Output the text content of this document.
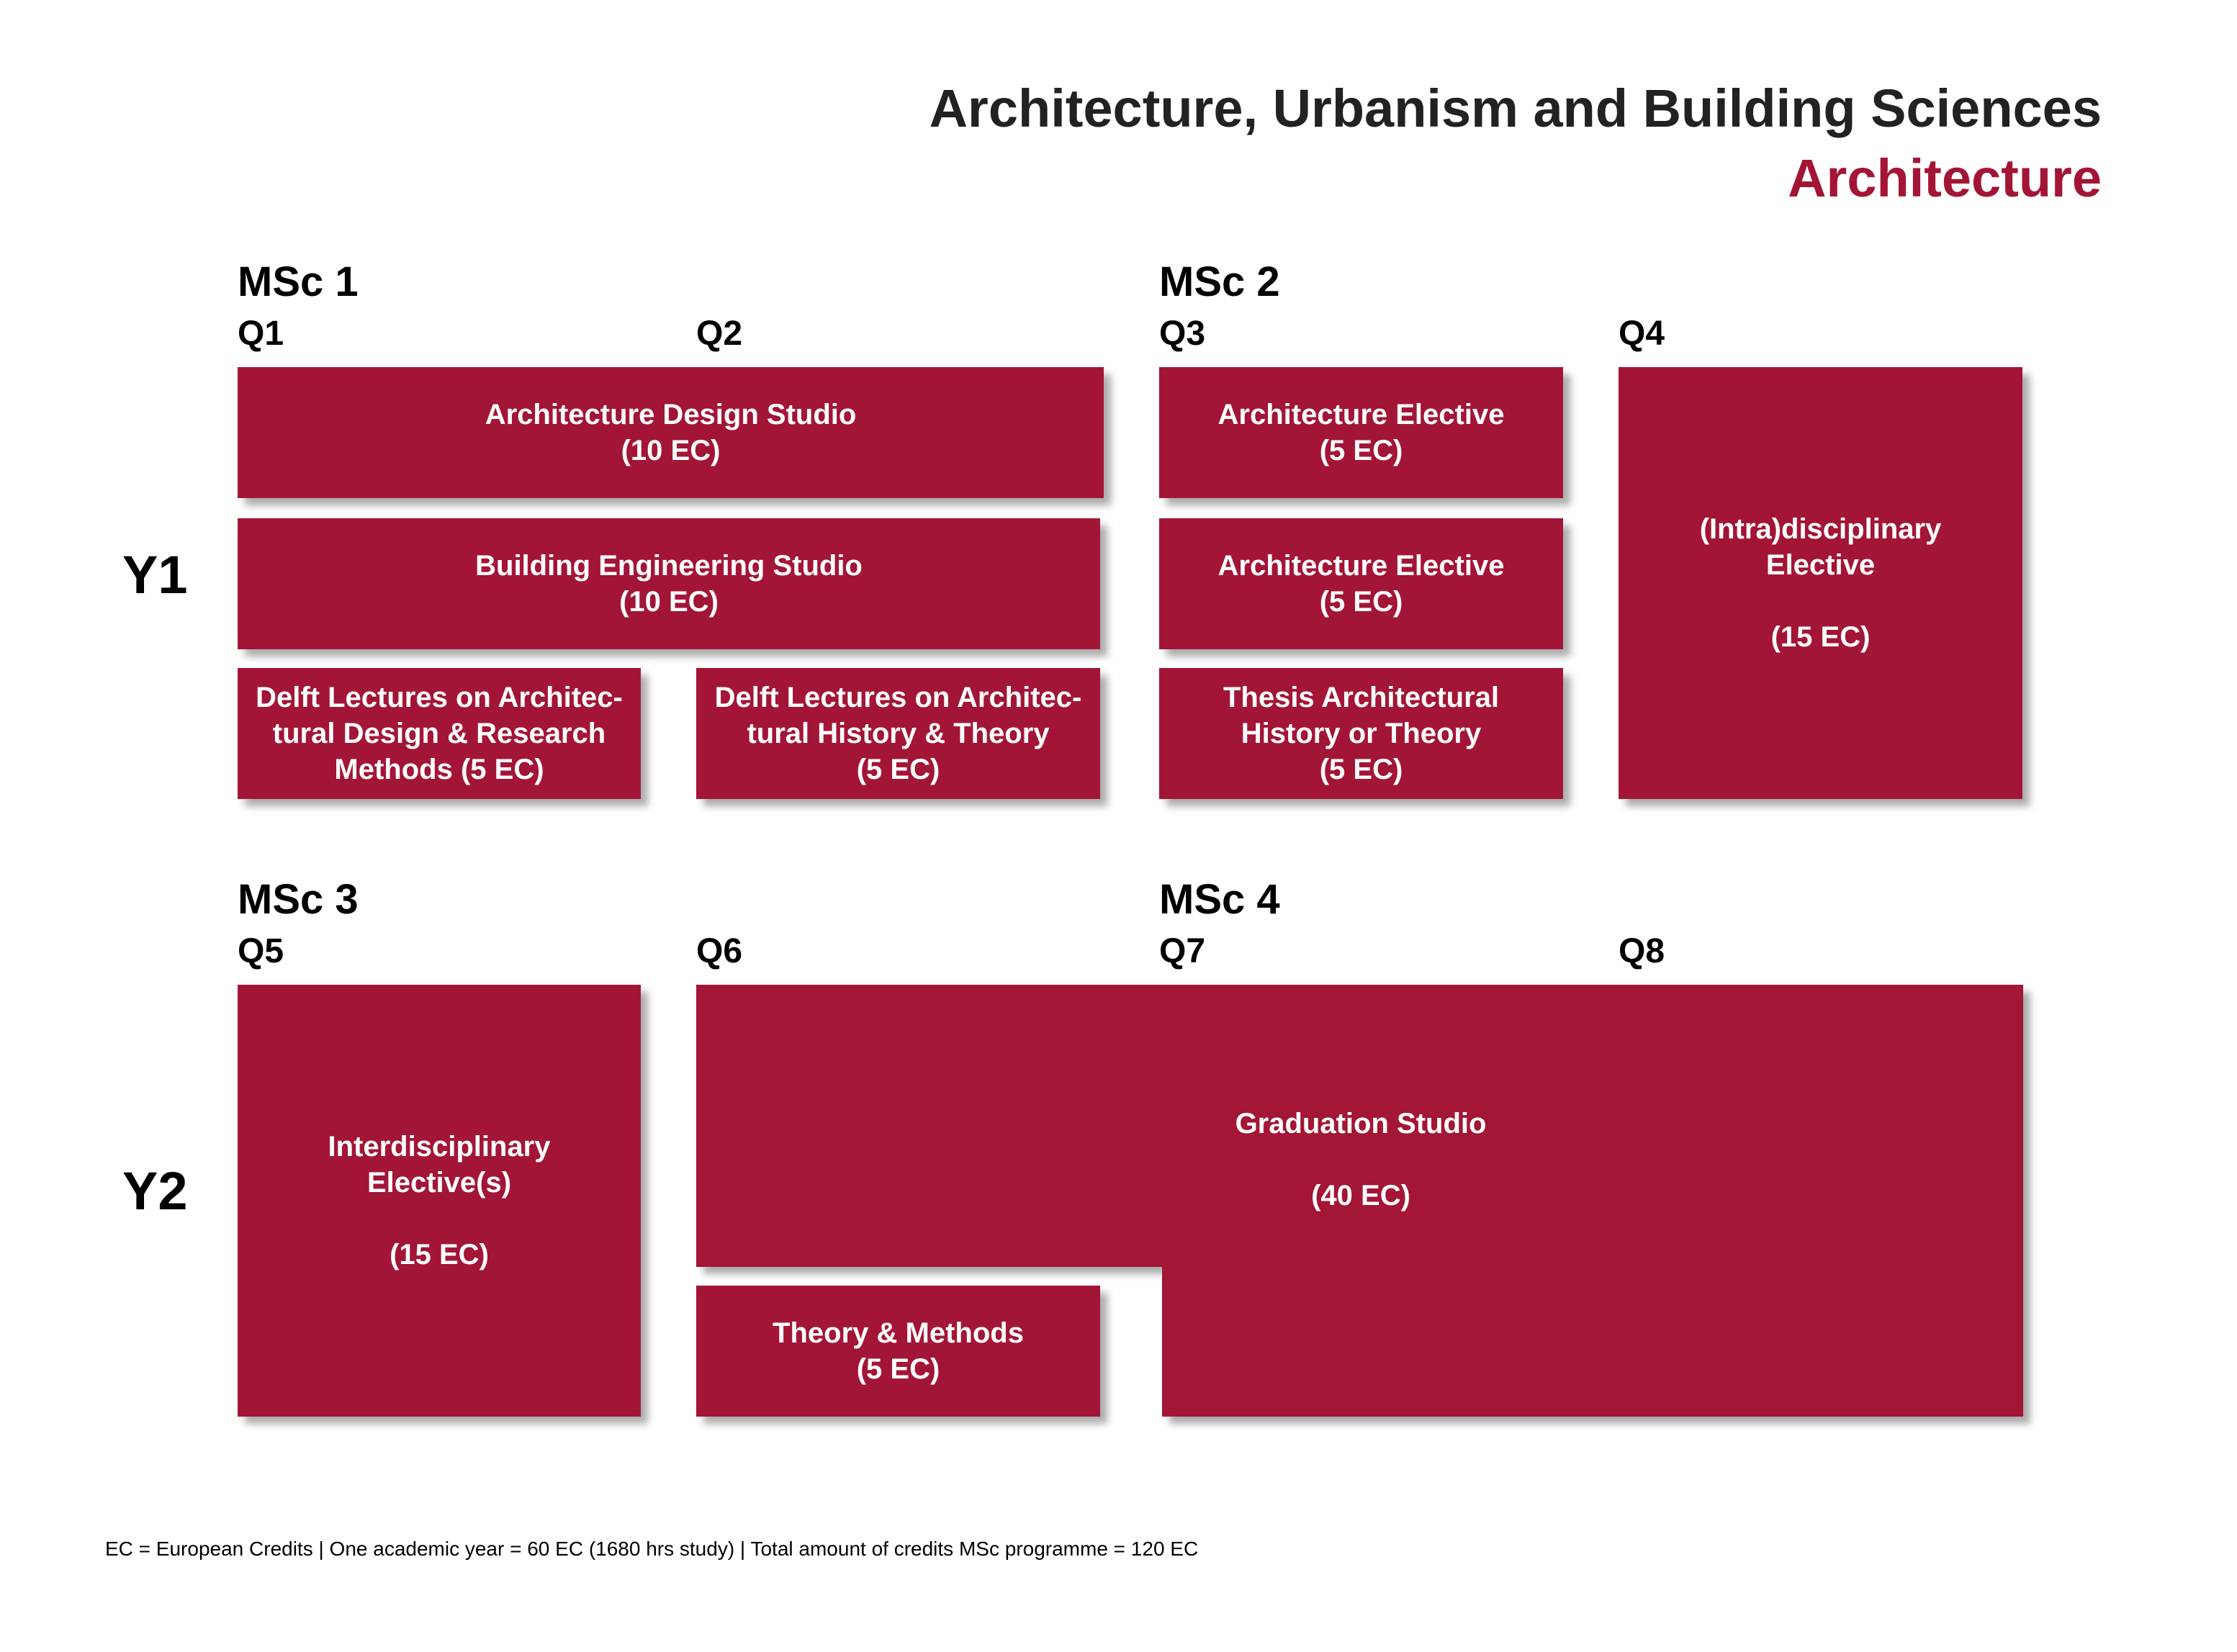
Architecture, Urbanism and Building Sciences
Architecture
MSc 1	MSc 2
Q1	Q2	Q3	Q4
Y1
Architecture Design Studio
(10 EC)
Building Engineering Studio
(10 EC)
Delft Lectures on Architec-
tural Design & Research
Methods (5 EC)
Delft Lectures on Architec-
tural History & Theory
(5 EC)
Architecture Elective
(5 EC)
Architecture Elective
(5 EC)
Thesis Architectural
History or Theory
(5 EC)
(Intra)disciplinary
Elective

(15 EC)
MSc 3	MSc 4
Q5	Q6	Q7	Q8
Y2
Interdisciplinary
Elective(s)

(15 EC)
Graduation Studio

(40 EC)
Theory & Methods
(5 EC)
EC = European Credits | One academic year = 60 EC (1680 hrs study) | Total amount of credits MSc programme = 120 EC
